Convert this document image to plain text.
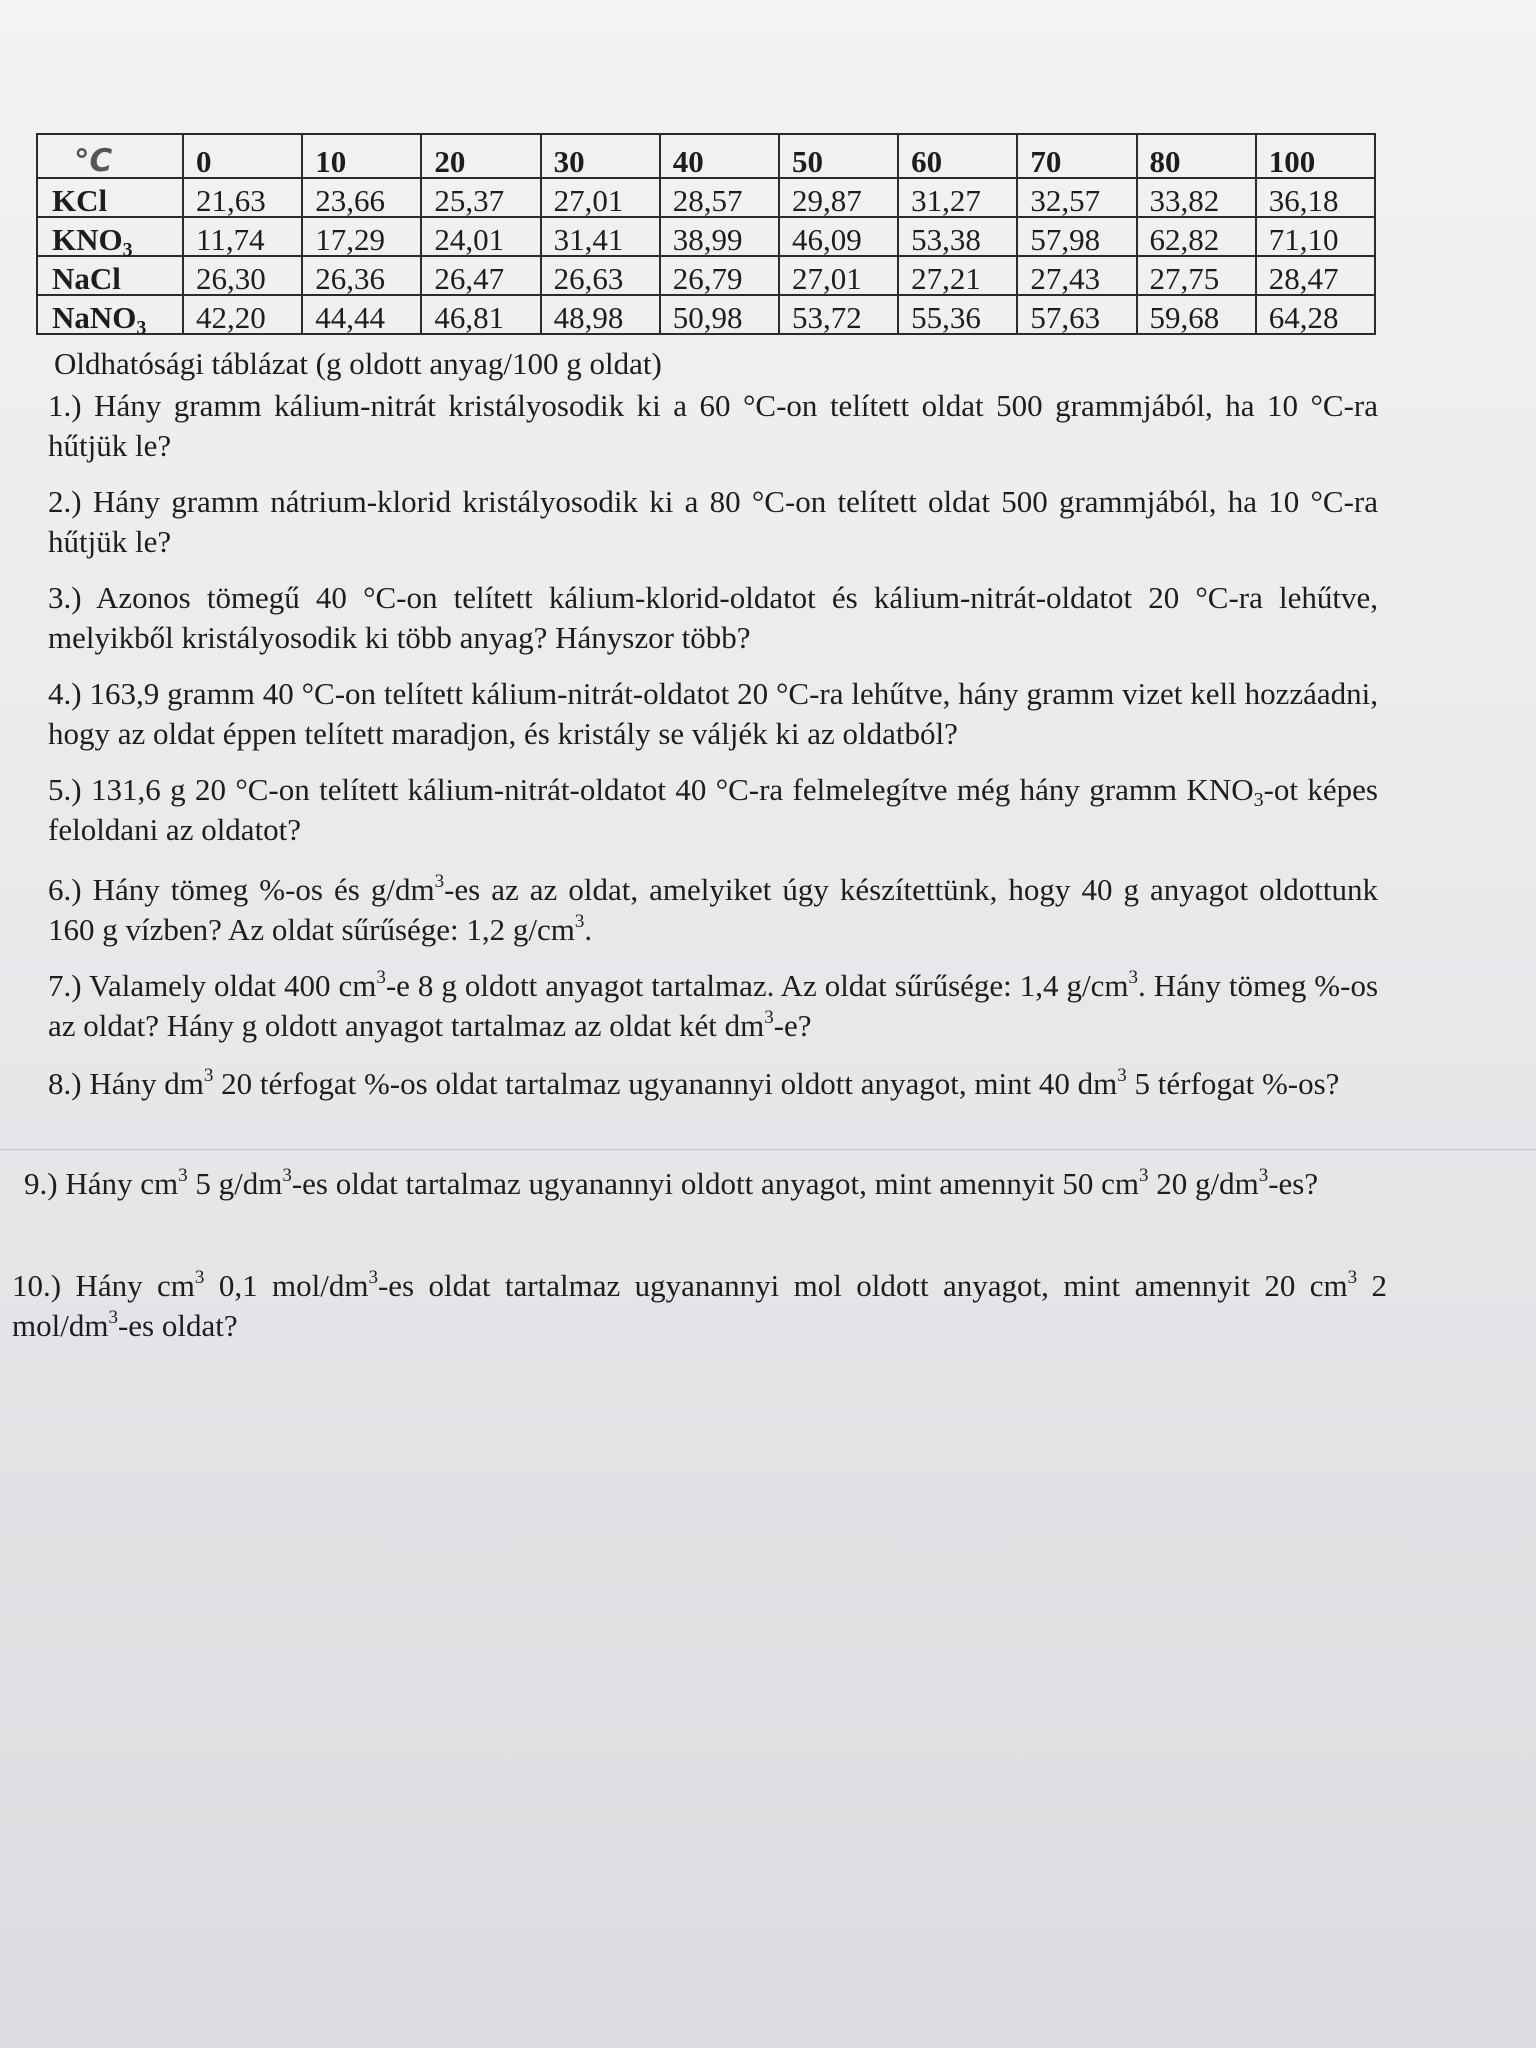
°C	0	10	20	30	40	50	60	70	80	100
KCl	21,63	23,66	25,37	27,01	28,57	29,87	31,27	32,57	33,82	36,18
$KNO_3$	11,74	17,29	24,01	31,41	38,99	46,09	53,38	57,98	62,82	71,10
NaCl	26,30	26,36	26,47	26,63	26,79	27,01	27,21	27,43	27,75	28,47
NaNO$_3$	42,20	44,44	46,81	48,98	50,98	53,72	55,36	57,63	59,68	64,28
Oldhatósági táblázat (g oldott anyag/100 g oldat)

1.) Hány gramm kálium-nitrát kristályosodik ki a 60 °C-on telített oldat 500 grammjából, ha 10 °C-ra hűtjük le?

2.) Hány gramm nátrium-klorid kristályosodik ki a 80 °C-on telített oldat 500 grammjából, ha 10 °C-ra hűtjük le?

3.) Azonos tömegű 40 °C-on telített kálium-klorid-oldatot és kálium-nitrát-oldatot 20 °C-ra lehűtve, melyikből kristályosodik ki több anyag? Hányszor több?

4.) 163,9 gramm 40 °C-on telített kálium-nitrát-oldatot 20 °C-ra lehűtve, hány gramm vizet kell hozzáadni, hogy az oldat éppen telített maradjon, és kristály se váljék ki az oldatból?

5.) 131,6 g 20 °C-on telített kálium-nitrát-oldatot 40 °C-ra felmelegítve még hány gramm $KNO_3-ot$ képes feloldani az oldatot?

6.) Hány tömeg %-os és $g/dm^3-es$ az az oldat, amelyiket úgy készítettünk, hogy 40 g anyagot oldottunk 160 g vízben? Az oldat sűrűsége: 1,2 $g/cm^3$.

7.) Valamely oldat 400 $cm^3-e$ 8 g oldott anyagot tartalmaz. Az oldat sűrűsége: 1,4 $g/cm^3$. Hány tömeg %-os az oldat? Hány g oldott anyagot tartalmaz az oldat két $dm^3-e$?

8.) Hány $dm^3$ 20 térfogat %-os oldat tartalmaz ugyanannyi oldott anyagot, mint 40 $dm^3$ 5 térfogat %-os?

9.) Hány $cm^3$ 5 $g/dm^3-es$ oldat tartalmaz ugyanannyi oldott anyagot, mint amennyit 50 $cm^3$ 20 $g/dm^3-es$?

10.) Hány $cm^3$ 0,1 mol/$dm^3-es$ oldat tartalmaz ugyanannyi mol oldott anyagot, mint amennyit 20 $cm^3$ 2 mol/$dm^3-es$ oldat?
